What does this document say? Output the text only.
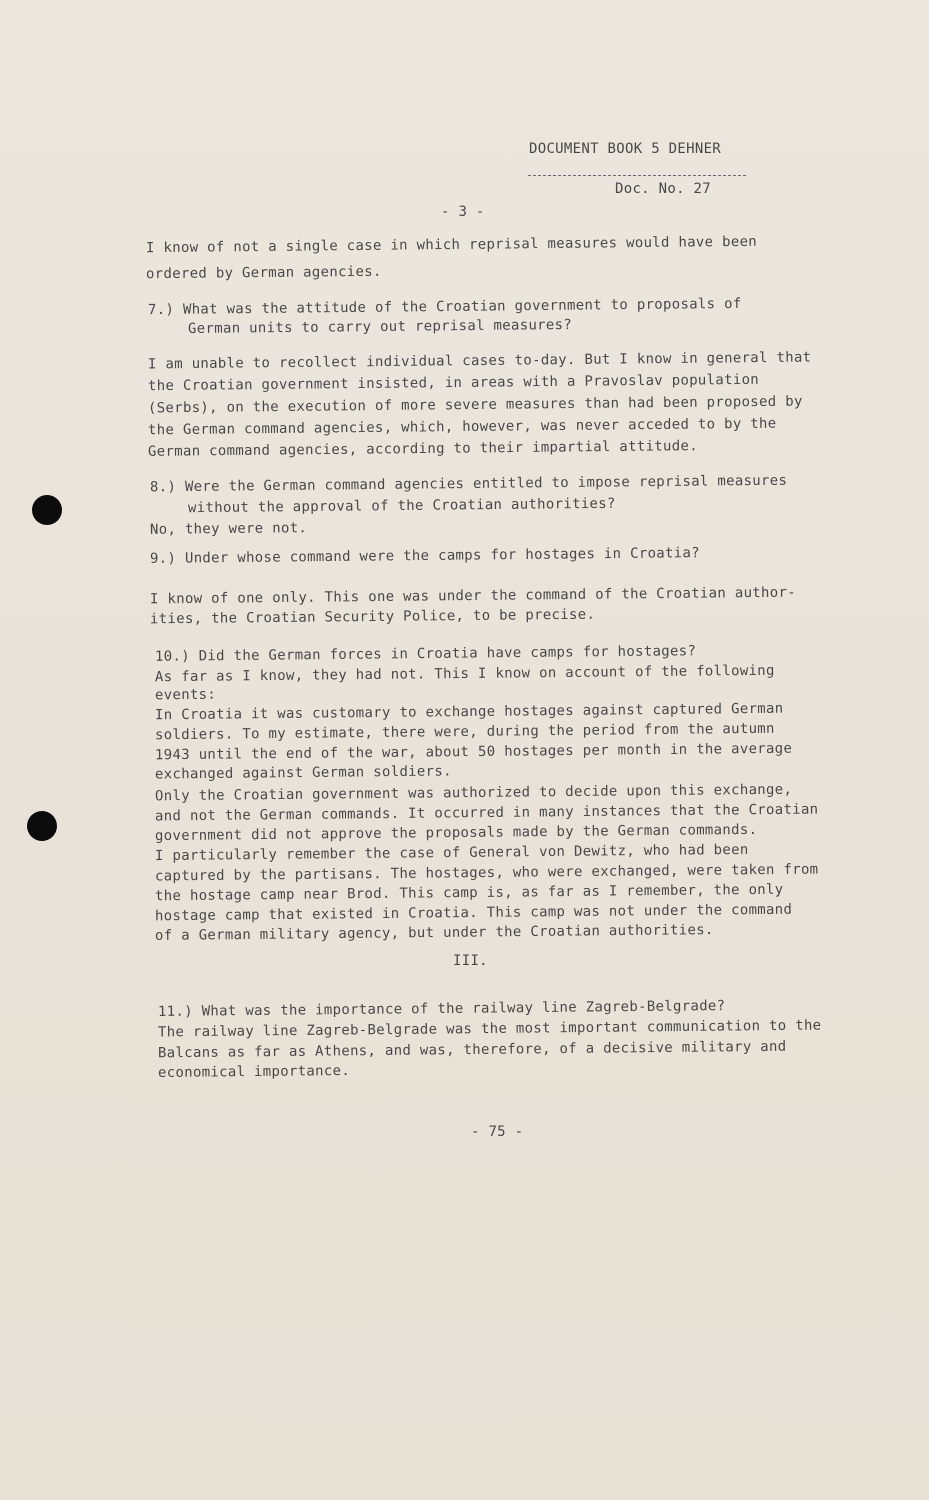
DOCUMENT BOOK 5 DEHNER
Doc. No. 27
- 3 -
I know of not a single case in which reprisal measures would have been
ordered by German agencies.
7.) What was the attitude of the Croatian government to proposals of
German units to carry out reprisal measures?
I am unable to recollect individual cases to-day. But I know in general that
the Croatian government insisted, in areas with a Pravoslav population
(Serbs), on the execution of more severe measures than had been proposed by
the German command agencies, which, however, was never acceded to by the
German command agencies, according to their impartial attitude.
8.) Were the German command agencies entitled to impose reprisal measures
without the approval of the Croatian authorities?
No, they were not.
9.) Under whose command were the camps for hostages in Croatia?
I know of one only. This one was under the command of the Croatian author-
ities, the Croatian Security Police, to be precise.
10.) Did the German forces in Croatia have camps for hostages?
As far as I know, they had not. This I know on account of the following
events:
In Croatia it was customary to exchange hostages against captured German
soldiers. To my estimate, there were, during the period from the autumn
1943 until the end of the war, about 50 hostages per month in the average
exchanged against German soldiers.
Only the Croatian government was authorized to decide upon this exchange,
and not the German commands. It occurred in many instances that the Croatian
government did not approve the proposals made by the German commands.
I particularly remember the case of General von Dewitz, who had been
captured by the partisans. The hostages, who were exchanged, were taken from
the hostage camp near Brod. This camp is, as far as I remember, the only
hostage camp that existed in Croatia. This camp was not under the command
of a German military agency, but under the Croatian authorities.
III.
11.) What was the importance of the railway line Zagreb-Belgrade?
The railway line Zagreb-Belgrade was the most important communication to the
Balcans as far as Athens, and was, therefore, of a decisive military and
economical importance.
- 75 -
